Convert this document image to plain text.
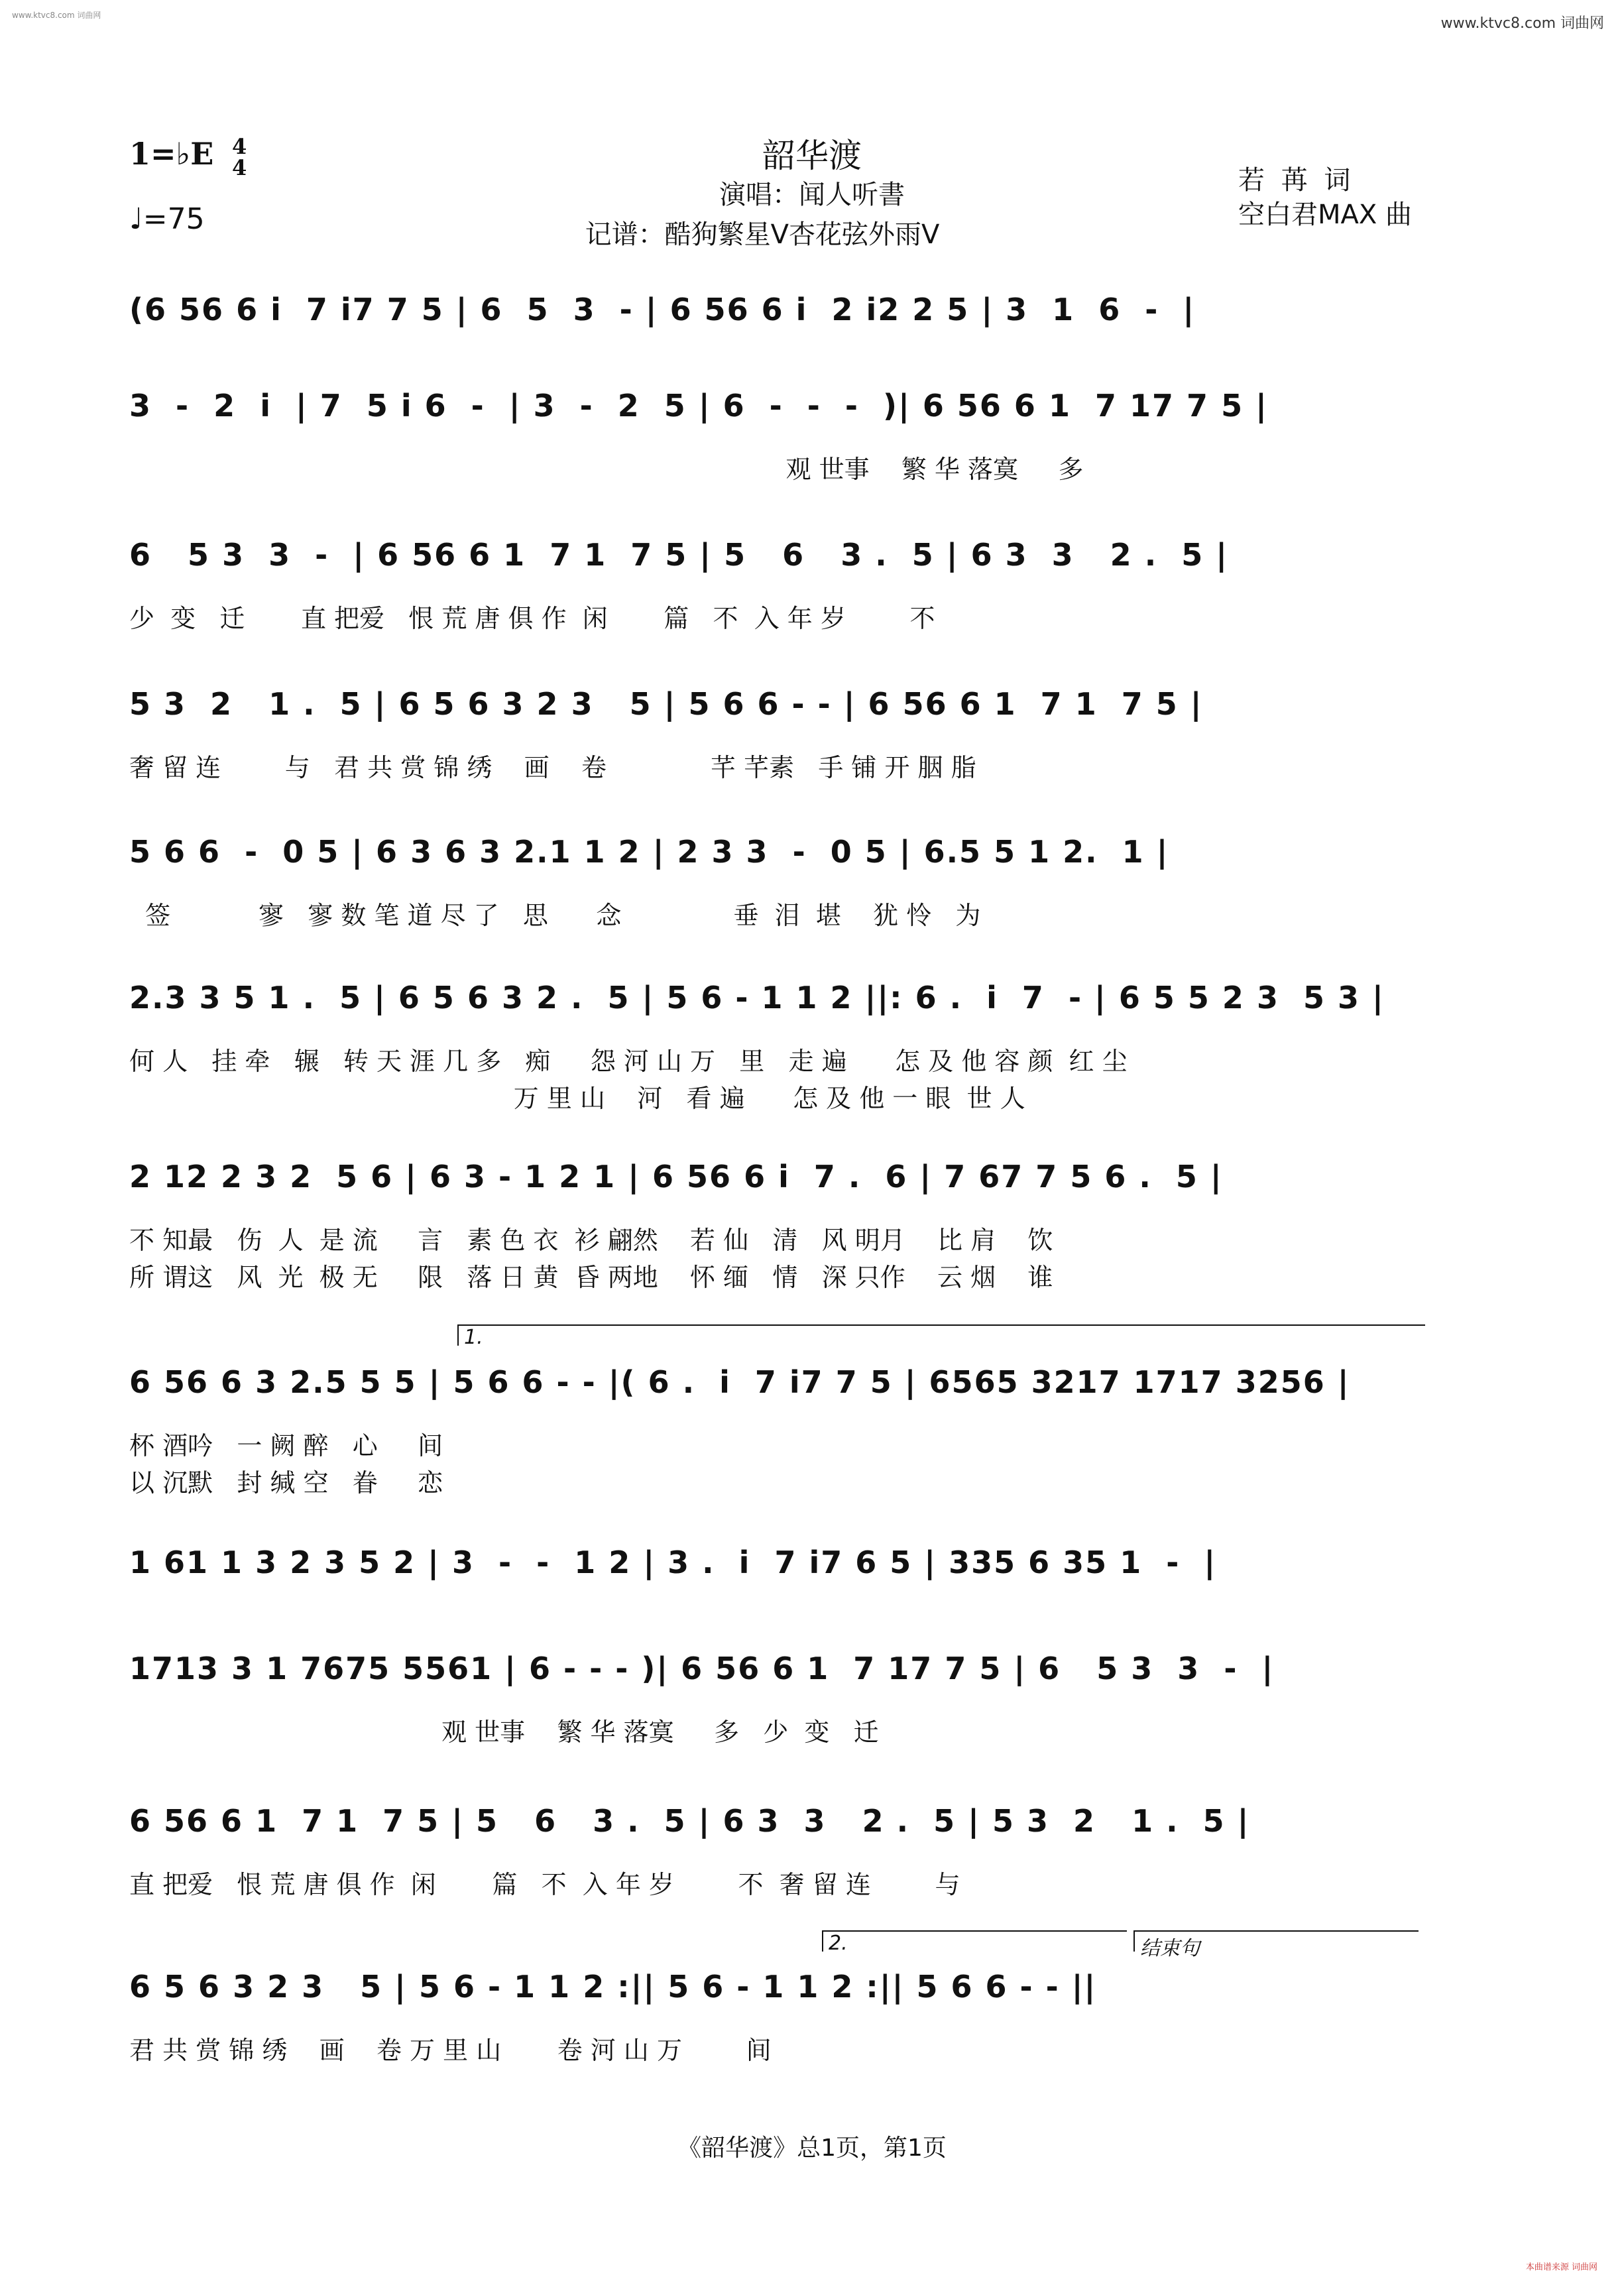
www.ktvc8.com 词曲网	www.ktvc8.com 词曲网
本曲谱来源 词曲网
1=♭E 4
4
♩=75
韶华渡
演唱：闻人听書
记谱：酷狗繁星V杏花弦外雨V
若 苒 词
空白君MAX 曲
(6 56 6 i  7 i7 7 5 | 6  5  3  - | 6 56 6 i  2 i2 2 5 | 3  1  6  -  |
3  -  2  i  | 7  5 i 6  -  | 3  -  2  5 | 6  -  -  -  )| 6 56 6 1  7 17 7 5 |
观 世事    繁 华 落寞     多
6   5 3  3  -  | 6 56 6 1  7 1  7 5 | 5   6   3 .  5 | 6 3  3   2 .  5 |
少  变   迁       直 把爱   恨 荒 唐 俱 作  闲       篇   不  入 年 岁        不
5 3  2   1 .  5 | 6 5 6 3 2 3   5 | 5 6 6 - - | 6 56 6 1  7 1  7 5 |
奢 留 连        与   君 共 赏 锦 绣    画    卷             芊 芊素   手 铺 开 胭 脂
5 6 6  -  0 5 | 6 3 6 3 2.1 1 2 | 2 3 3  -  0 5 | 6.5 5 1 2.  1 |
签           寥   寥 数 笔 道 尽 了   思      念              垂  泪  堪    犹 怜   为
2.3 3 5 1 .  5 | 6 5 6 3 2 .  5 | 5 6 - 1 1 2 ||: 6 .  i  7  - | 6 5 5 2 3  5 3 |
何 人   挂 牵   辗   转 天 涯 几 多   痴     怨 河 山 万   里   走 遍      怎 及 他 容 颜  红 尘
万 里 山    河   看 遍      怎 及 他 一 眼  世 人
2 12 2 3 2  5 6 | 6 3 - 1 2 1 | 6 56 6 i  7 .  6 | 7 67 7 5 6 .  5 |
不 知最   伤  人  是 流     言   素 色 衣  衫 翩然    若 仙   清   风 明月    比 肩    饮
所 谓这   风  光  极 无     限   落 日 黄  昏 两地    怀 缅   情   深 只作    云 烟    谁
1.
6 56 6 3 2.5 5 5 | 5 6 6 - - |( 6 .  i  7 i7 7 5 | 6565 3217 1717 3256 |
杯 酒吟   一 阙 醉   心     间
以 沉默   封 缄 空   眷     恋
1 61 1 3 2 3 5 2 | 3  -  -  1 2 | 3 .  i  7 i7 6 5 | 335 6 35 1  -  |
1713 3 1 7675 5561 | 6 - - - )| 6 56 6 1  7 17 7 5 | 6   5 3  3  -  |
观 世事    繁 华 落寞     多   少  变   迁
6 56 6 1  7 1  7 5 | 5   6   3 .  5 | 6 3  3   2 .  5 | 5 3  2   1 .  5 |
直 把爱   恨 荒 唐 俱 作  闲       篇   不  入 年 岁        不  奢 留 连        与
2.	结束句
6 5 6 3 2 3   5 | 5 6 - 1 1 2 :|| 5 6 - 1 1 2 :|| 5 6 6 - - ||
君 共 赏 锦 绣    画    卷 万 里 山       卷 河 山 万        间
《韶华渡》总1页，第1页
